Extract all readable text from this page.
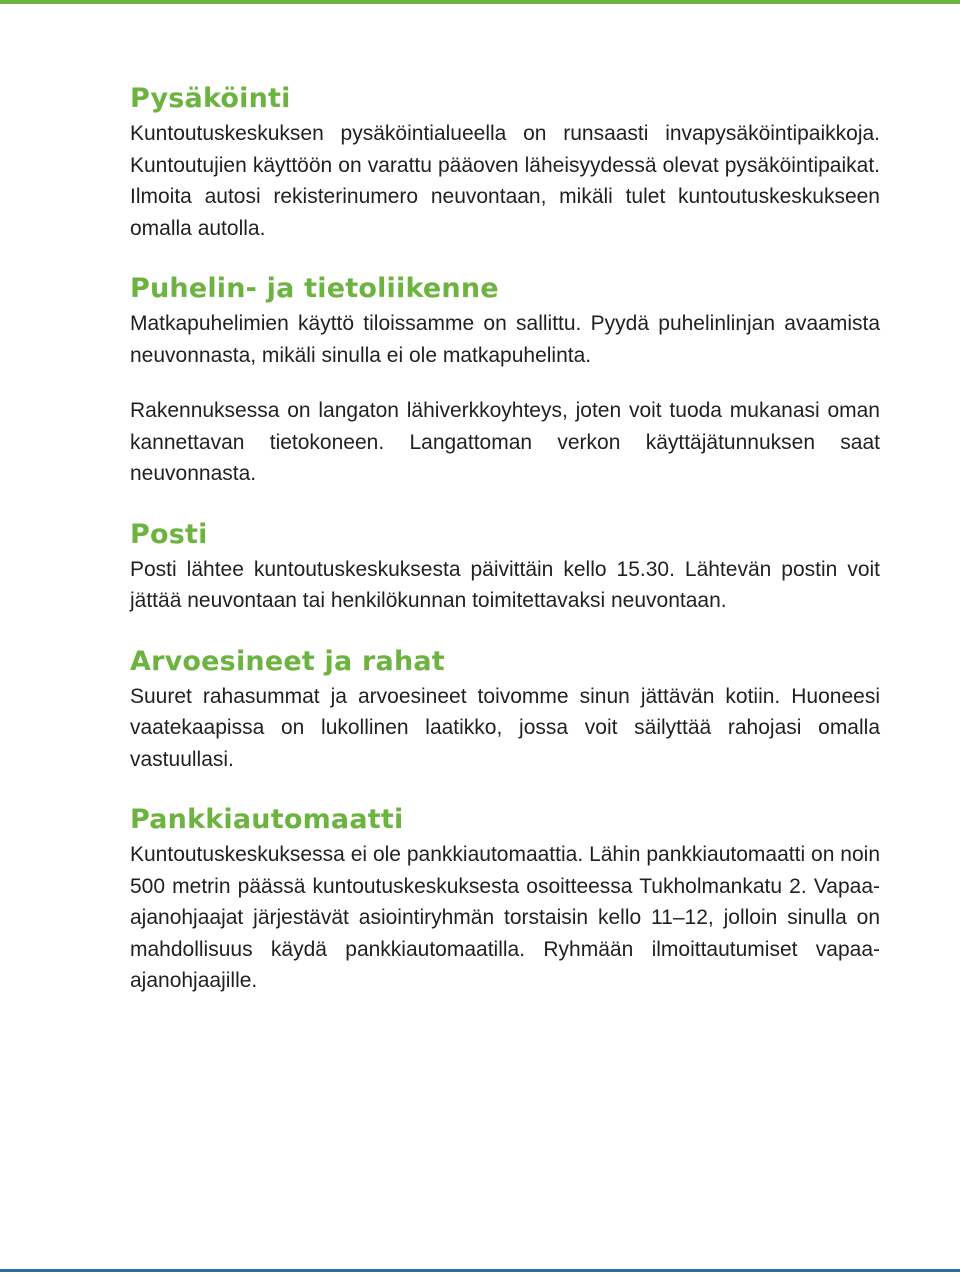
Pysäköinti

Kuntoutuskeskuksen pysäköintialueella on runsaasti invapysäköintipaikkoja. Kuntoutujien käyttöön on varattu pääoven läheisyydessä olevat pysäköintipaikat. Ilmoita autosi rekisterinumero neuvontaan, mikäli tulet kuntoutuskeskukseen omalla autolla.

Puhelin- ja tietoliikenne

Matkapuhelimien käyttö tiloissamme on sallittu. Pyydä puhelinlinjan avaamista neuvonnasta, mikäli sinulla ei ole matkapuhelinta.

Rakennuksessa on langaton lähiverkkoyhteys, joten voit tuoda mukanasi oman kannettavan tietokoneen. Langattoman verkon käyttäjätunnuksen saat neuvonnasta.

Posti

Posti lähtee kuntoutuskeskuksesta päivittäin kello 15.30. Lähtevän postin voit jättää neuvontaan tai henkilökunnan toimitettavaksi neuvontaan.

Arvoesineet ja rahat

Suuret rahasummat ja arvoesineet toivomme sinun jättävän kotiin. Huoneesi vaatekaapissa on lukollinen laatikko, jossa voit säilyttää rahojasi omalla vastuullasi.

Pankkiautomaatti

Kuntoutuskeskuksessa ei ole pankkiautomaattia. Lähin pankkiautomaatti on noin 500 metrin päässä kuntoutuskeskuksesta osoitteessa Tukholmankatu 2. Vapaa-ajanohjaajat järjestävät asiointiryhmän torstaisin kello 11–12, jolloin sinulla on mahdollisuus käydä pankkiautomaatilla. Ryhmään ilmoittautumiset vapaa-ajanohjaajille.
